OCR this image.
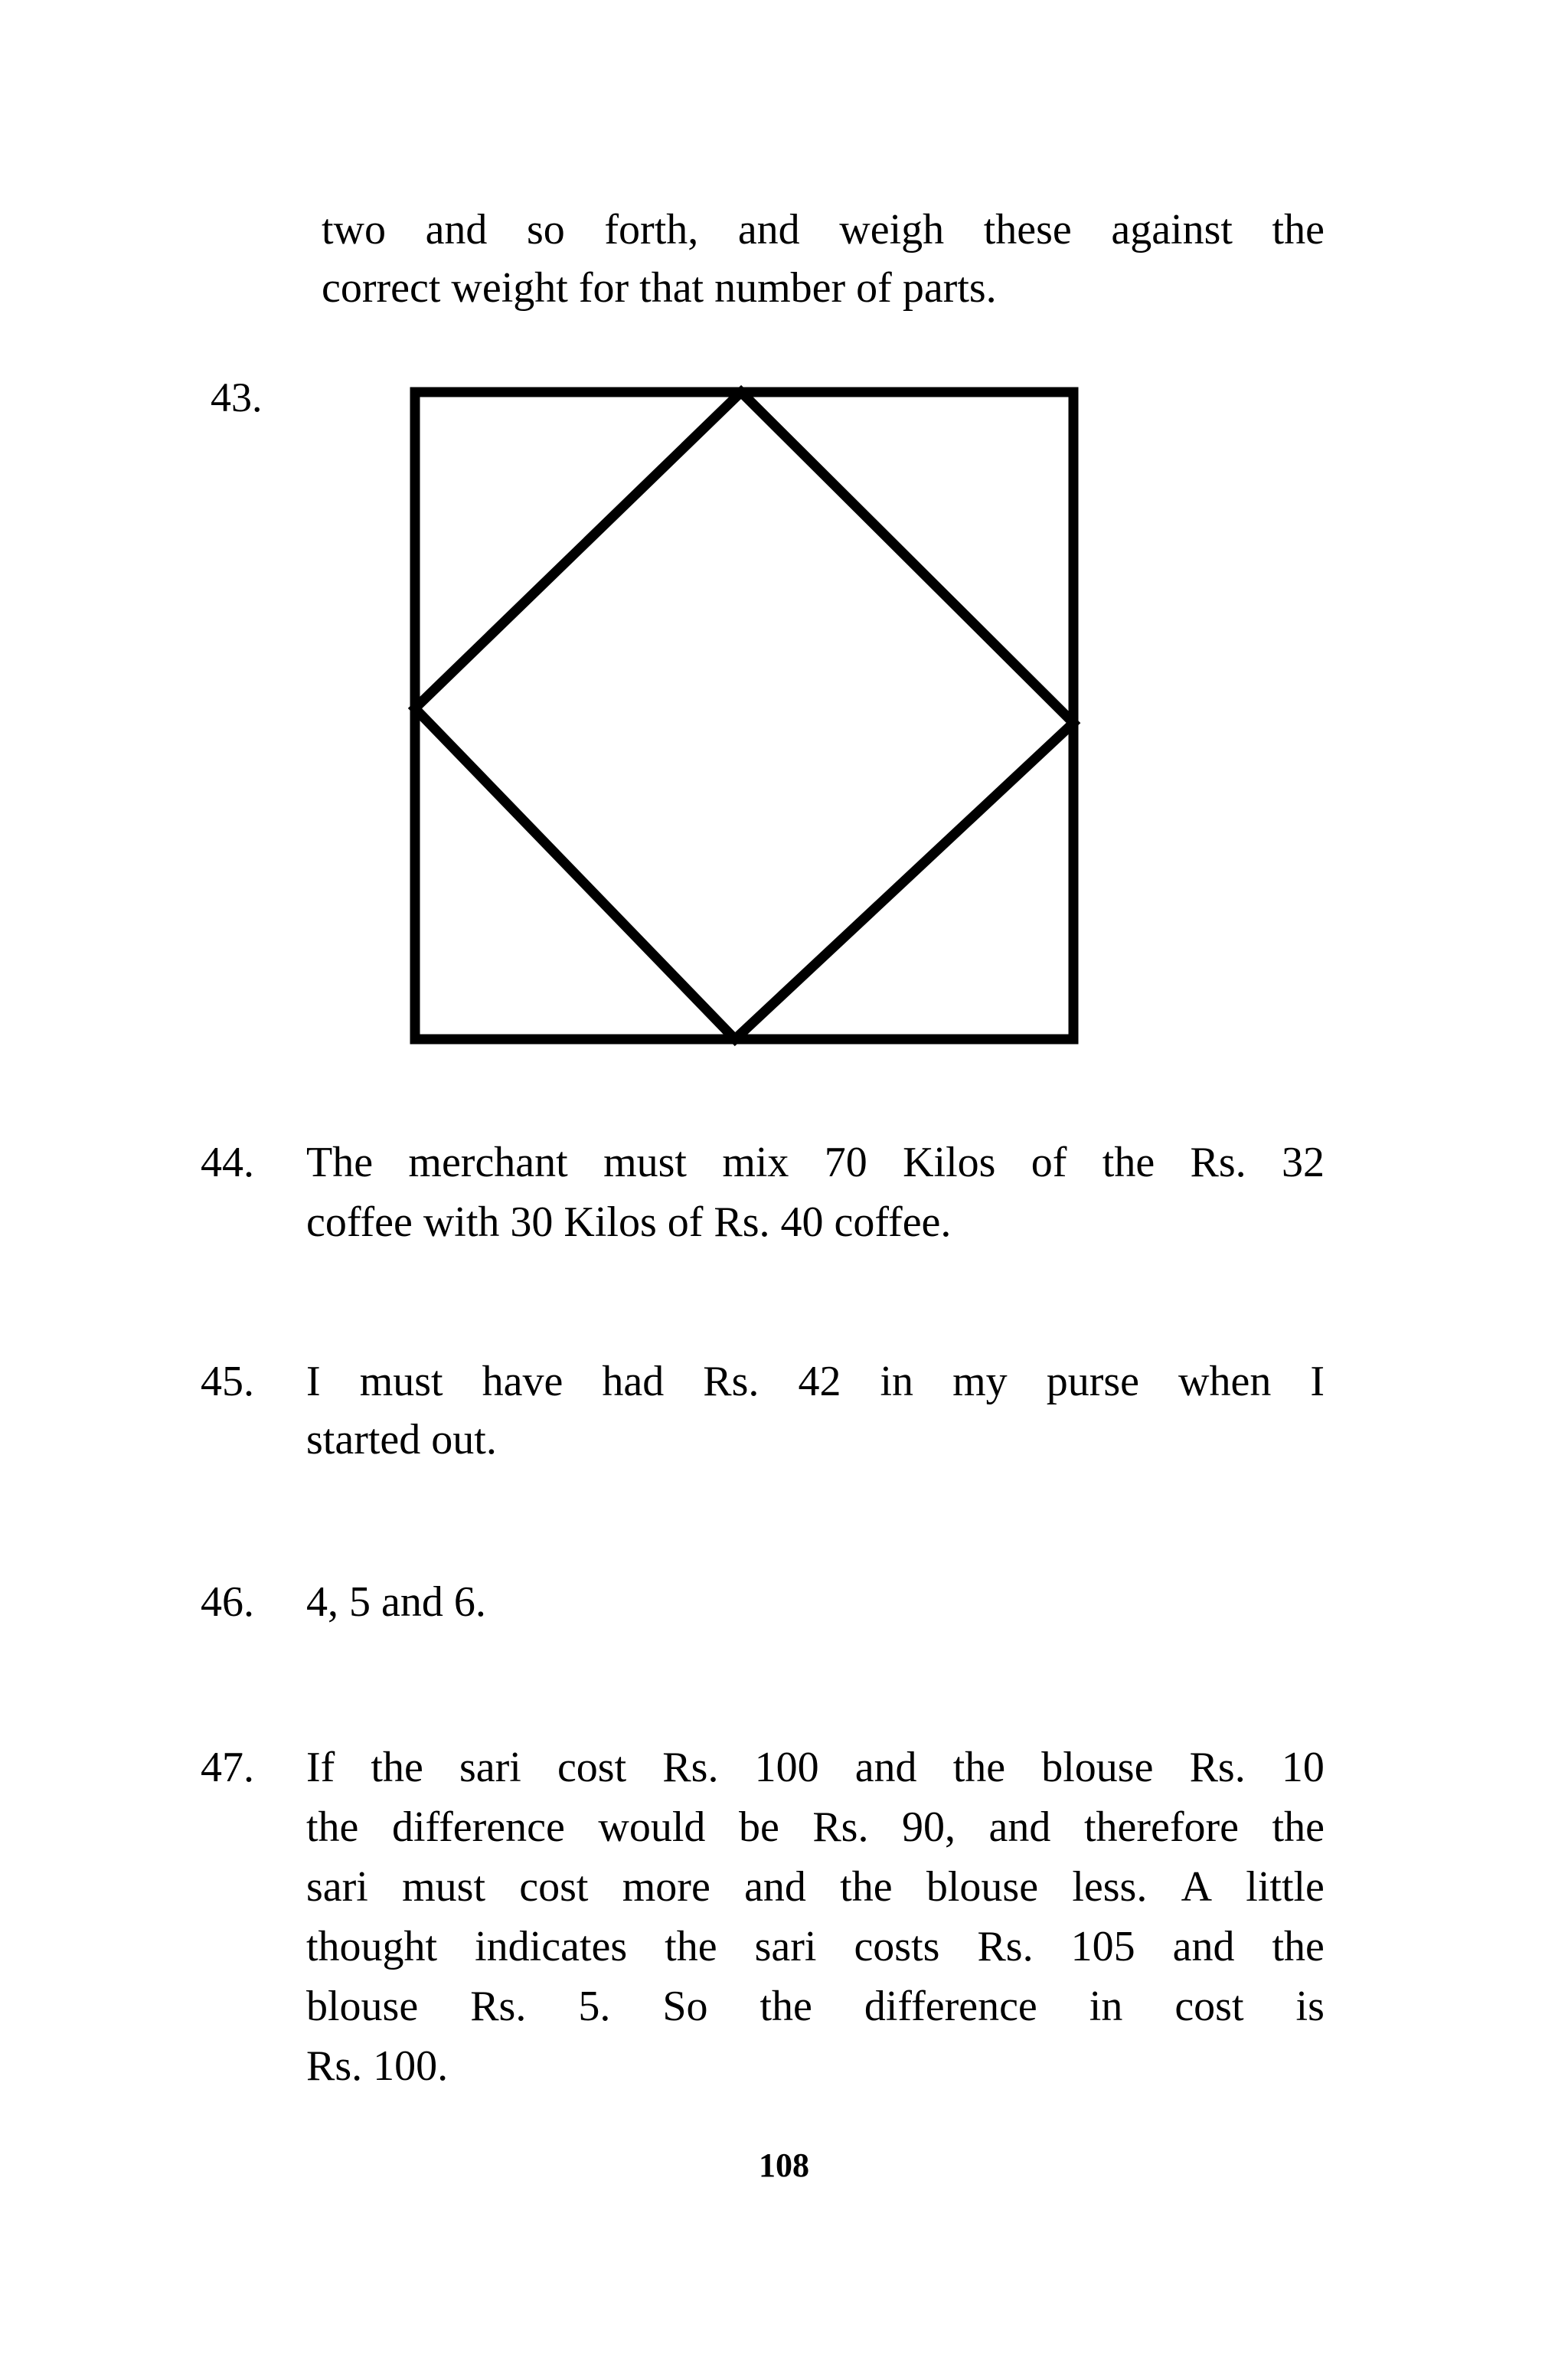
two and so forth, and weigh these against the
correct weight for that number of parts.
43.
44. The merchant must mix 70 Kilos of the Rs. 32
coffee with 30 Kilos of Rs. 40 coffee.
45. I must have had Rs. 42 in my purse when I
started out.
46. 4, 5 and 6.
47. If the sari cost Rs. 100 and the blouse Rs. 10
the difference would be Rs. 90, and therefore the
sari must cost more and the blouse less. A little
thought indicates the sari costs Rs. 105 and the
blouse Rs. 5. So the difference in cost is
Rs. 100.
108
